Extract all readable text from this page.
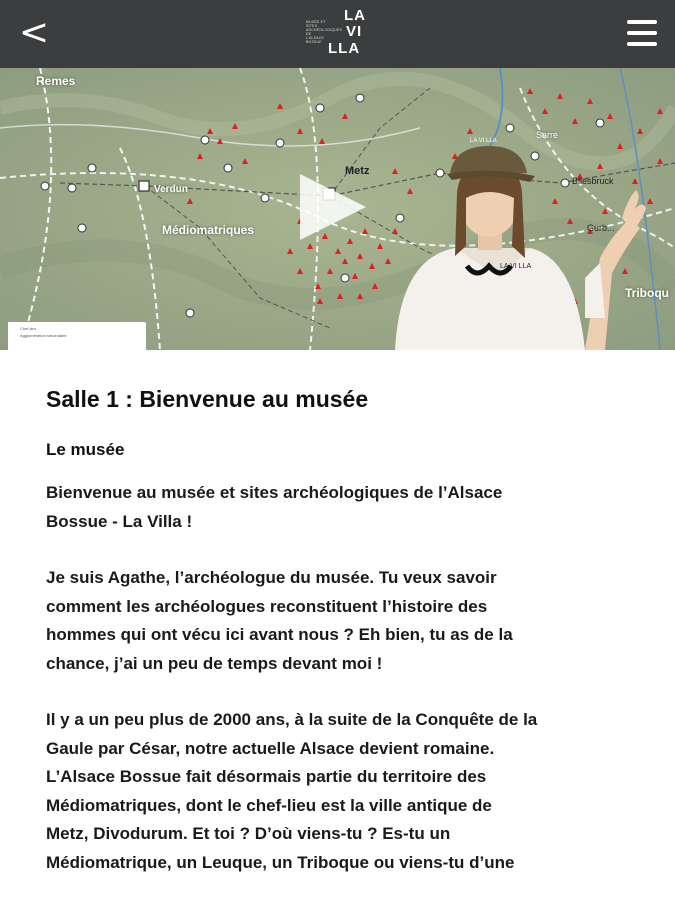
<	MUSÉE ET SITES
ARCHÉOLOGIQUES DE
L'ALSACE BOSSUE
LA
VI
LLA
Remes
Verdun
Médiomatriques
Metz
Sarre
Bliesbruck
Gurb...
Triboqu
LA VI LLA
LA VI LLA
Chef-lieu
Agglomération secondaire
Salle 1 : Bienvenue au musée
Le musée
Bienvenue au musée et sites archéologiques de l’Alsace
Bossue - La Villa !
Je suis Agathe, l’archéologue du musée. Tu veux savoir
comment les archéologues reconstituent l’histoire des
hommes qui ont vécu ici avant nous ? Eh bien, tu as de la
chance, j’ai un peu de temps devant moi !
Il y a un peu plus de 2000 ans, à la suite de la Conquête de la
Gaule par César, notre actuelle Alsace devient romaine.
L’Alsace Bossue fait désormais partie du territoire des
Médiomatriques, dont le chef-lieu est la ville antique de
Metz, Divodurum. Et toi ? D’où viens-tu ? Es-tu un
Médiomatrique, un Leuque, un Triboque ou viens-tu d’une
